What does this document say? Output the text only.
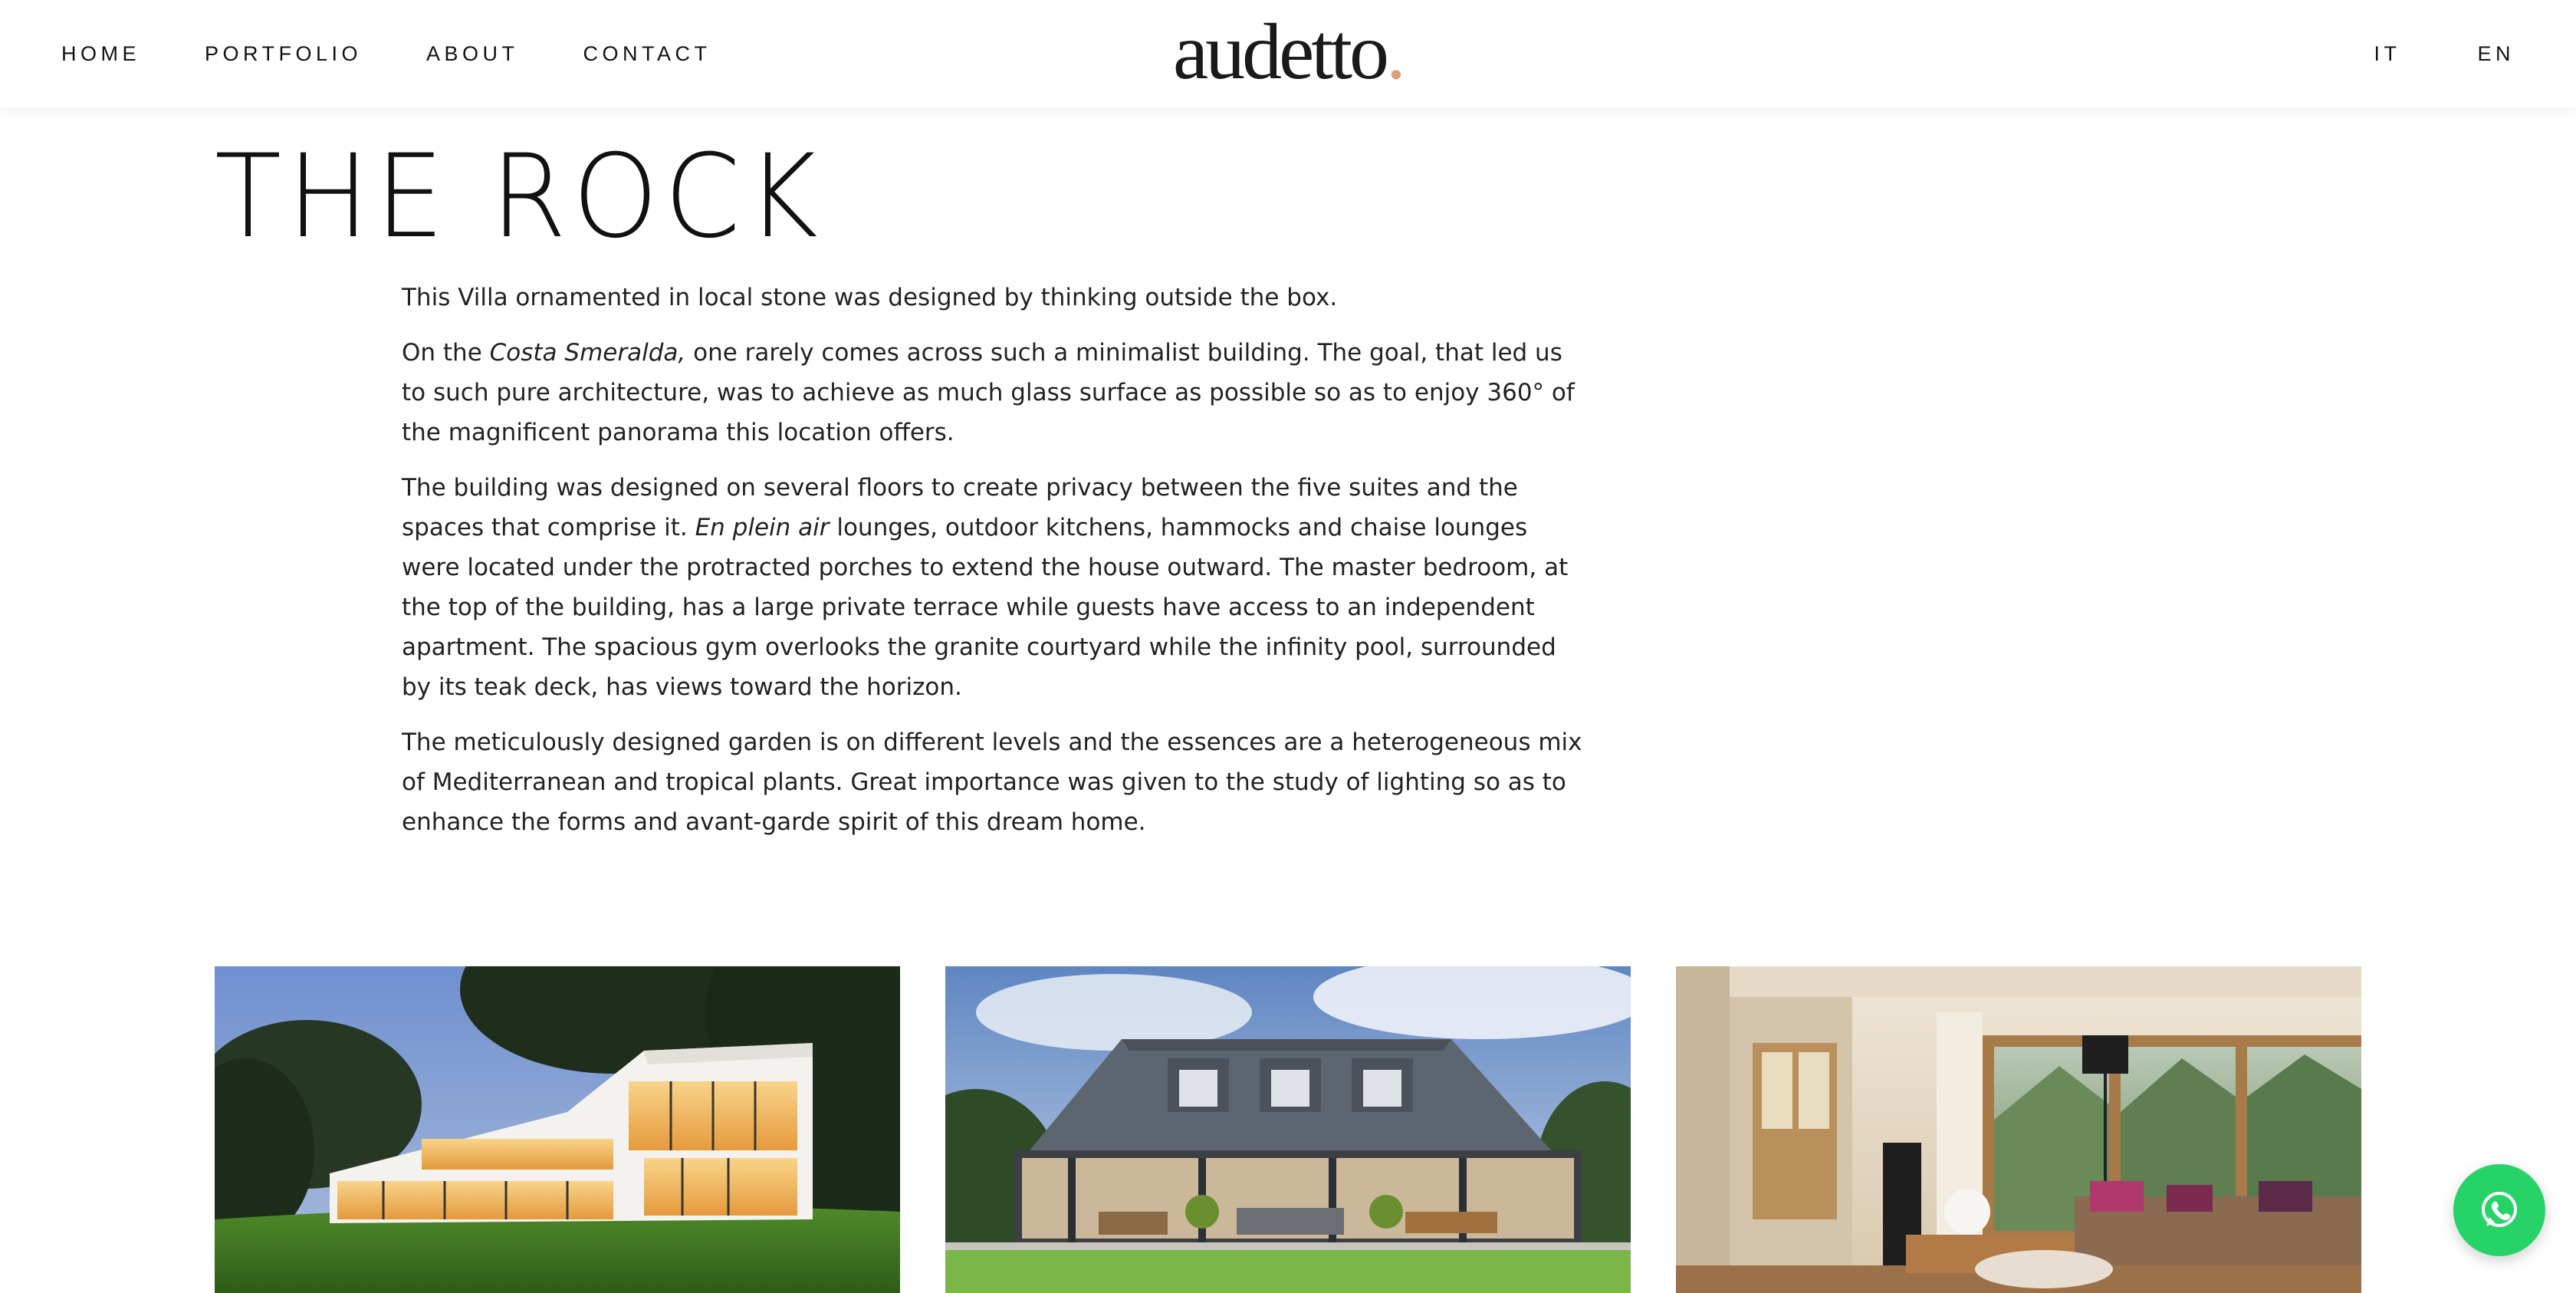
HOME	PORTFOLIO	ABOUT	CONTACT	audetto.	IT	EN
THE ROCK

This Villa ornamented in local stone was designed by thinking outside the box.

On the Costa Smeralda, one rarely comes across such a minimalist building. The goal, that led us to such pure architecture, was to achieve as much glass surface as possible so as to enjoy 360° of the magnificent panorama this location offers.

The building was designed on several floors to create privacy between the five suites and the spaces that comprise it. En plein air lounges, outdoor kitchens, hammocks and chaise lounges were located under the protracted porches to extend the house outward. The master bedroom, at the top of the building, has a large private terrace while guests have access to an independent apartment. The spacious gym overlooks the granite courtyard while the infinity pool, surrounded by its teak deck, has views toward the horizon.

The meticulously designed garden is on different levels and the essences are a heterogeneous mix of Mediterranean and tropical plants. Great importance was given to the study of lighting so as to enhance the forms and avant-garde spirit of this dream home.
